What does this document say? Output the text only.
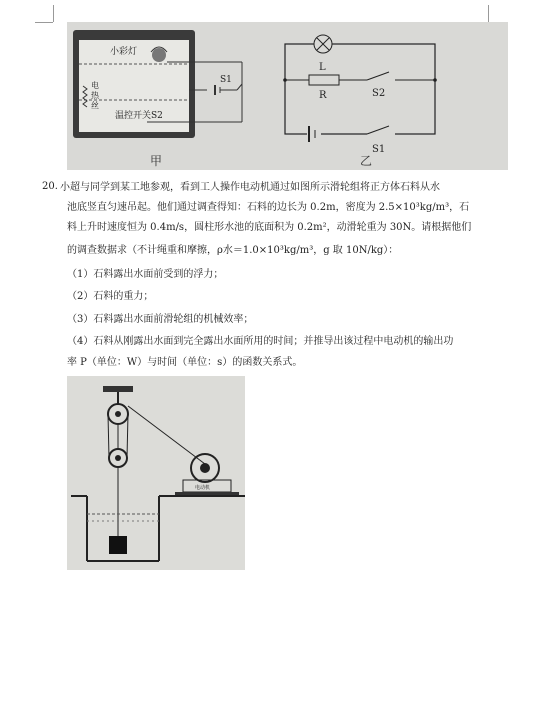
小彩灯
电
热
丝
温控开关S2
S1
L
R	S2
S1
甲	乙
20. 小超与同学到某工地参观，看到工人操作电动机通过如图所示滑轮组将正方体石料从水
池底竖直匀速吊起。他们通过调查得知：石料的边长为 0.2m，密度为 2.5×10³kg/m³，石
料上升时速度恒为 0.4m/s，圆柱形水池的底面积为 0.2m²，动滑轮重为 30N。请根据他们
的调查数据求（不计绳重和摩擦，ρ水＝1.0×10³kg/m³，g 取 10N/kg）：
（1）石料露出水面前受到的浮力；
（2）石料的重力；
（3）石料露出水面前滑轮组的机械效率；
（4）石料从刚露出水面到完全露出水面所用的时间；并推导出该过程中电动机的输出功
率 P（单位：W）与时间（单位：s）的函数关系式。
电动机
